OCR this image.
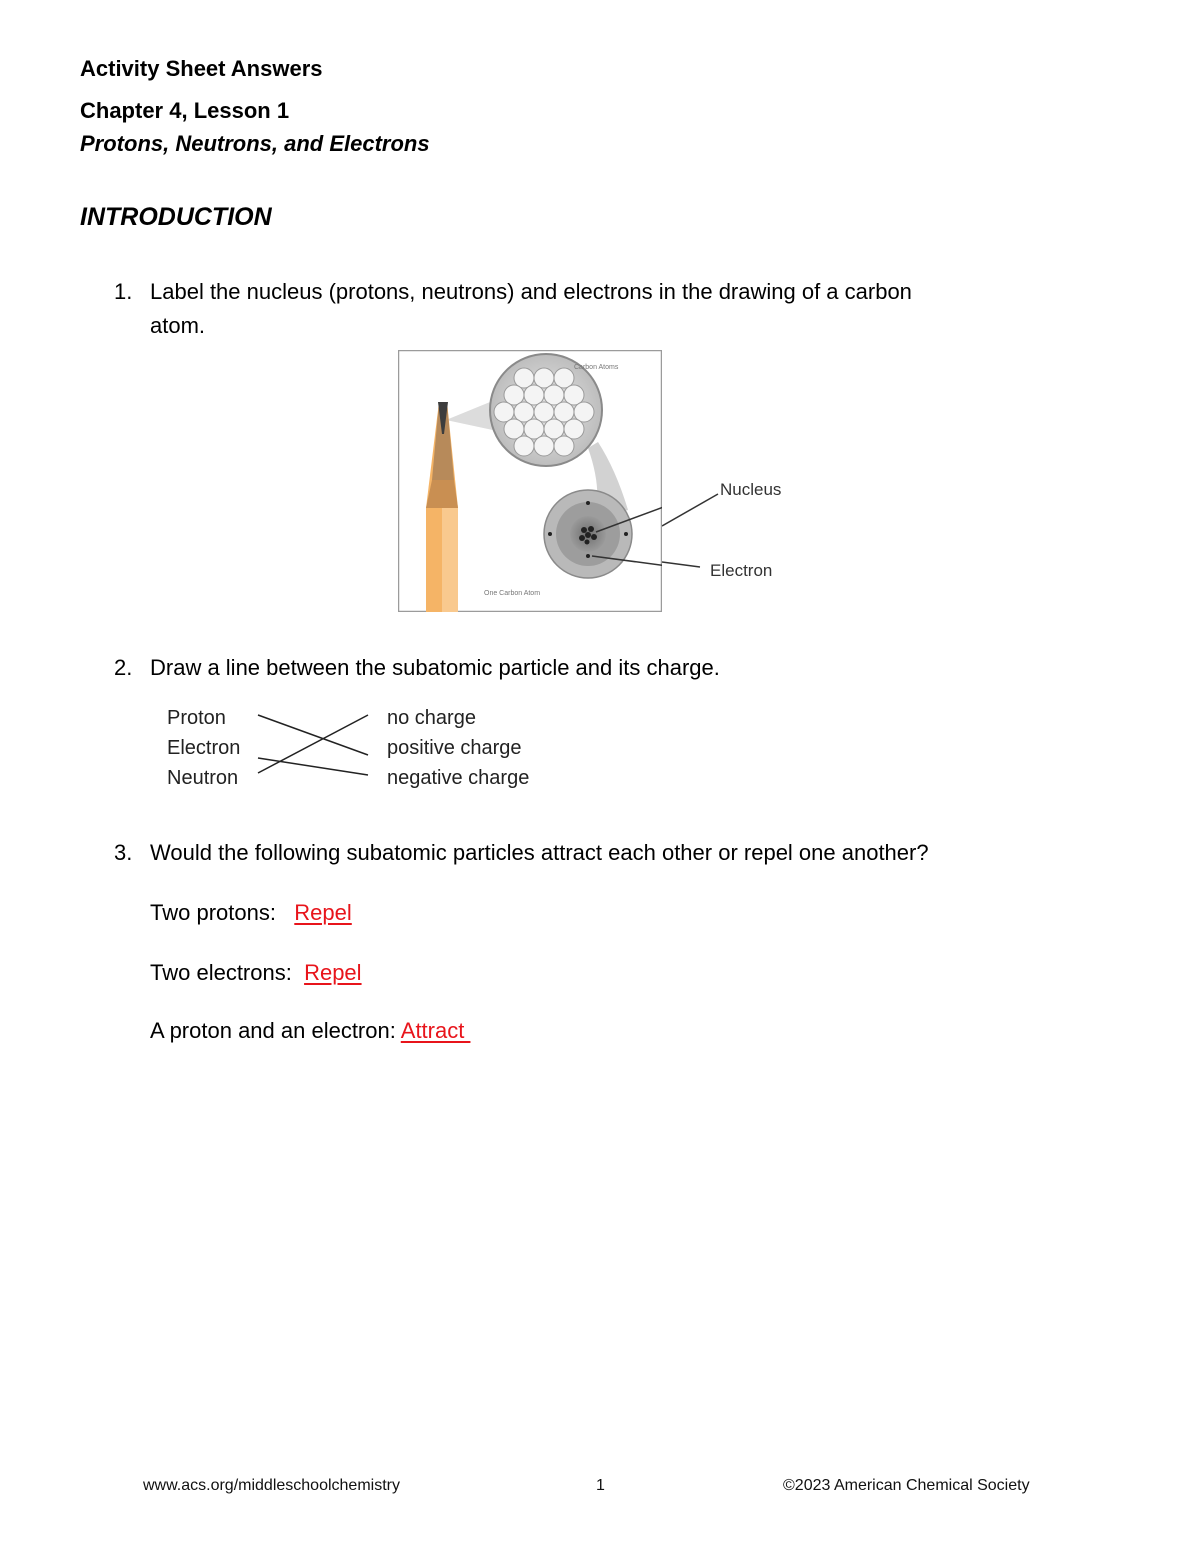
Activity Sheet Answers
Chapter 4, Lesson 1
Protons, Neutrons, and Electrons
INTRODUCTION
1. Label the nucleus (protons, neutrons) and electrons in the drawing of a carbon
atom.
Carbon Atoms
One Carbon Atom
Nucleus
Electron
2. Draw a line between the subatomic particle and its charge.
Proton
Electron
Neutron
no charge
positive charge
negative charge
3. Would the following subatomic particles attract each other or repel one another?
Two protons: Repel
Two electrons: Repel
A proton and an electron: Attract
www.acs.org/middleschoolchemistry	1	©2023 American Chemical Society
